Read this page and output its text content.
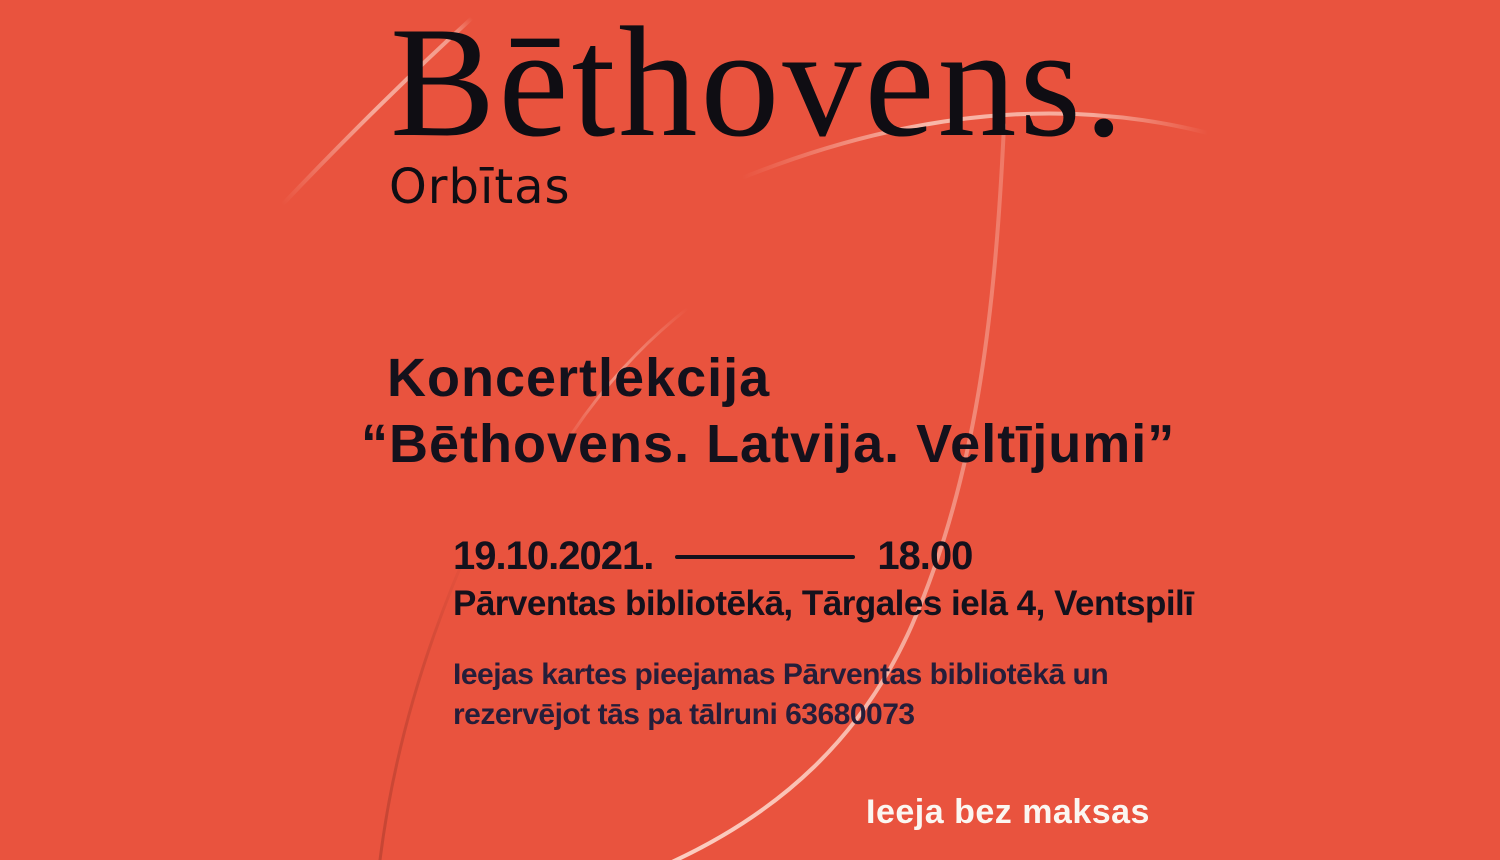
Bēthovens.
Orbītas
Koncertlekcija
“Bēthovens. Latvija. Veltījumi”
19.10.2021.	18.00
Pārventas bibliotēkā, Tārgales ielā 4, Ventspilī

Ieejas kartes pieejamas Pārventas bibliotēkā un
rezervējot tās pa tālruni 63680073

Ieeja bez maksas
